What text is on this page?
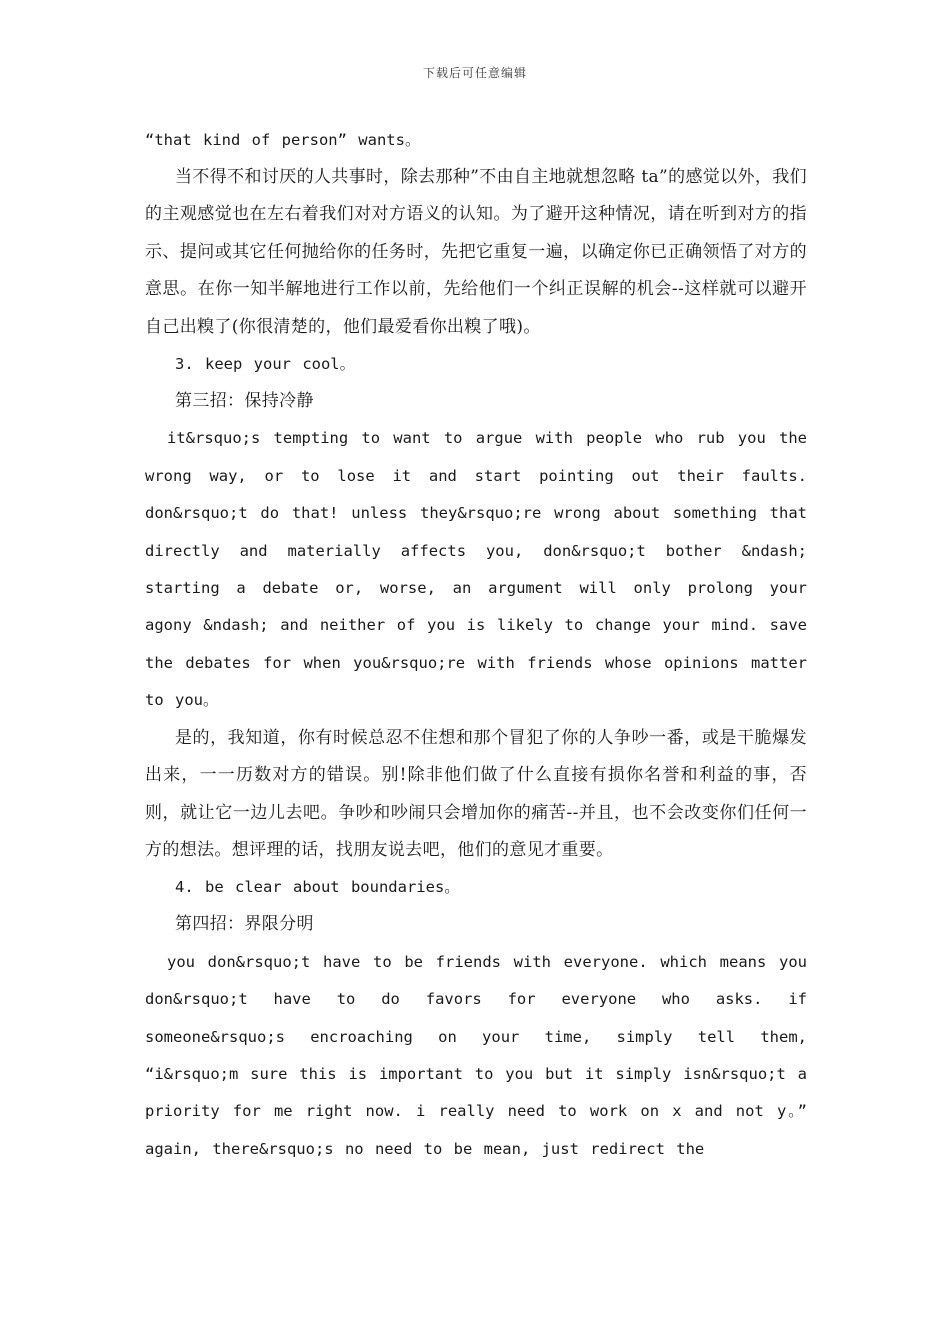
下载后可任意编辑

“that kind of person” wants。

当不得不和讨厌的人共事时，除去那种”不由自主地就想忽略 ta”的感觉以外，我们的主观感觉也在左右着我们对对方语义的认知。为了避开这种情况，请在听到对方的指示、提问或其它任何抛给你的任务时，先把它重复一遍，以确定你已正确领悟了对方的意思。在你一知半解地进行工作以前，先给他们一个纠正误解的机会--这样就可以避开自己出糗了(你很清楚的，他们最爱看你出糗了哦)。

3. keep your cool。

第三招：保持冷静

it&rsquo;s tempting to want to argue with people who rub you the wrong way, or to lose it and start pointing out their faults. don&rsquo;t do that! unless they&rsquo;re wrong about something that directly and materially affects you, don&rsquo;t bother &ndash; starting a debate or, worse, an argument will only prolong your agony &ndash; and neither of you is likely to change your mind. save the debates for when you&rsquo;re with friends whose opinions matter to you。

是的，我知道，你有时候总忍不住想和那个冒犯了你的人争吵一番，或是干脆爆发出来，一一历数对方的错误。别!除非他们做了什么直接有损你名誉和利益的事，否则，就让它一边儿去吧。争吵和吵闹只会增加你的痛苦--并且，也不会改变你们任何一方的想法。想评理的话，找朋友说去吧，他们的意见才重要。

4. be clear about boundaries。

第四招：界限分明

you don&rsquo;t have to be friends with everyone. which means you don&rsquo;t have to do favors for everyone who asks. if someone&rsquo;s encroaching on your time, simply tell them, “i&rsquo;m sure this is important to you but it simply isn&rsquo;t a priority for me right now. i really need to work on x and not y。” again, there&rsquo;s no need to be mean, just redirect the
